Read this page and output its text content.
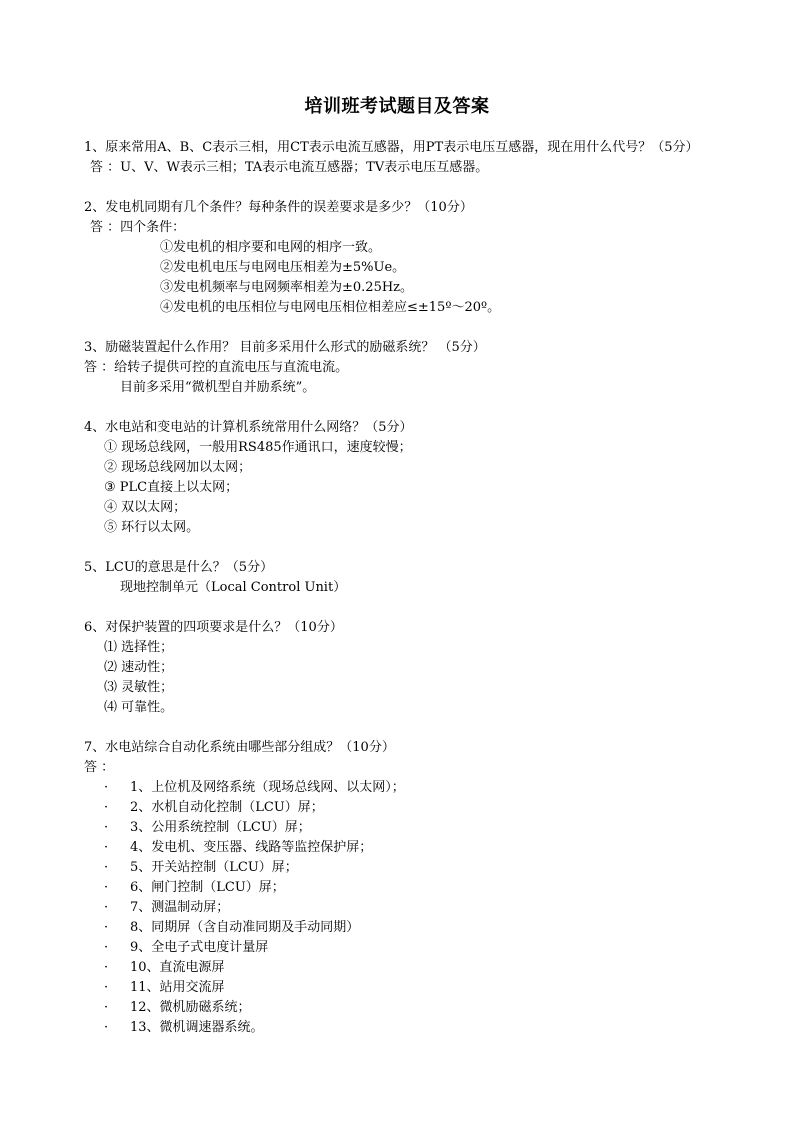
培训班考试题目及答案

1、原来常用A、B、C表示三相，用CT表示电流互感器，用PT表示电压互感器，现在用什么代号？（5分）

答 ：U、V、W表示三相；TA表示电流互感器；TV表示电压互感器。

2、发电机同期有几个条件？每种条件的误差要求是多少？（10分）

答 ：四个条件：

①发电机的相序要和电网的相序一致。

②发电机电压与电网电压相差为±5%Ue。

③发电机频率与电网频率相差为±0.25Hz。

④发电机的电压相位与电网电压相位相差应≤±15º～20º。

3、励磁装置起什么作用？ 目前多采用什么形式的励磁系统？ （5分）

答 ：给转子提供可控的直流电压与直流电流。

目前多采用“微机型自并励系统”。

4、水电站和变电站的计算机系统常用什么网络？（5分）

① 现场总线网，一般用RS485作通讯口，速度较慢；

② 现场总线网加以太网；

③ PLC直接上以太网；

④ 双以太网；

⑤ 环行以太网。

5、LCU的意思是什么？（5分）

现地控制单元（Local Control Unit）

6、对保护装置的四项要求是什么？（10分）

⑴ 选择性；

⑵ 速动性；

⑶ 灵敏性；

⑷ 可靠性。

7、水电站综合自动化系统由哪些部分组成？（10分）

答 ：

·	1、上位机及网络系统（现场总线网、以太网）；
·	2、水机自动化控制（LCU）屏；
·	3、公用系统控制（LCU）屏；
·	4、发电机、变压器、线路等监控保护屏；
·	5、开关站控制（LCU）屏；
·	6、闸门控制（LCU）屏；
·	7、测温制动屏；
·	8、同期屏（含自动准同期及手动同期）
·	9、全电子式电度计量屏
·	10、直流电源屏
·	11、站用交流屏
·	12、微机励磁系统；
·	13、微机调速器系统。
